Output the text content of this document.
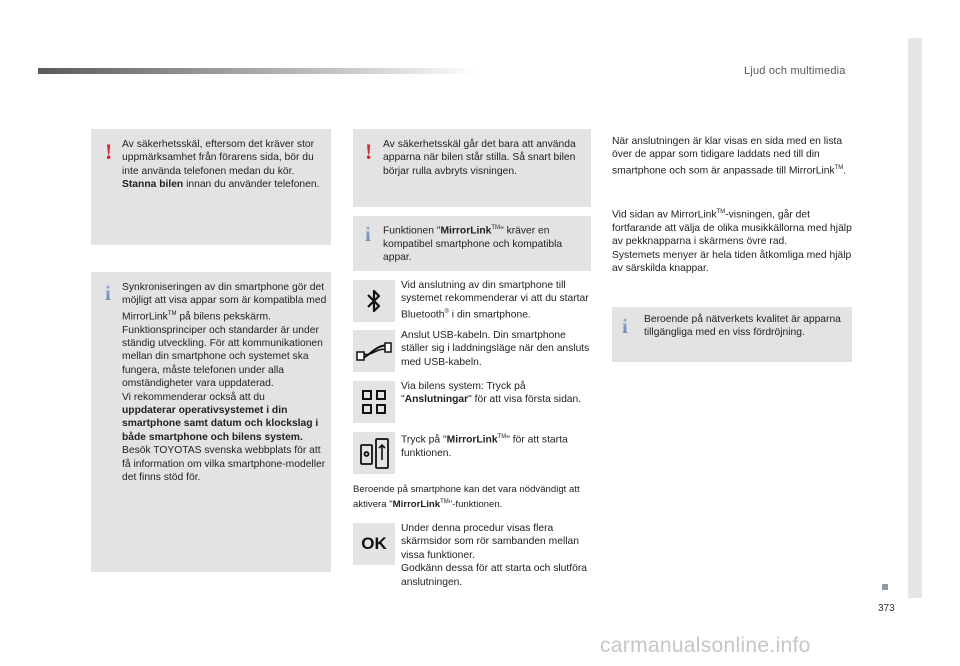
Ljud och multimedia
373
! Av säkerhetsskäl, eftersom det kräver stor uppmärksamhet från förarens sida, bör du inte använda telefonen medan du kör.
Stanna bilen innan du använder telefonen.
i Synkroniseringen av din smartphone gör det möjligt att visa appar som är kompatibla med MirrorLink™ på bilens pekskärm.
Funktionsprinciper och standarder är under ständig utveckling. För att kommunikationen mellan din smartphone och systemet ska fungera, måste telefonen under alla omständigheter vara uppdaterad.
Vi rekommenderar också att du
uppdaterar operativsystemet i din smartphone samt datum och klockslag i både smartphone och bilens system.
Besök TOYOTAS svenska webbplats för att få information om vilka smartphone-modeller det finns stöd för.
! Av säkerhetsskäl går det bara att använda apparna när bilen står stilla. Så snart bilen börjar rulla avbryts visningen.
i Funktionen "MirrorLink™" kräver en kompatibel smartphone och kompatibla appar.
Vid anslutning av din smartphone till systemet rekommenderar vi att du startar Bluetooth® i din smartphone.
Anslut USB-kabeln. Din smartphone ställer sig i laddningsläge när den ansluts med USB-kabeln.
Via bilens system: Tryck på "Anslutningar" för att visa första sidan.
Tryck på "MirrorLink™" för att starta funktionen.
Beroende på smartphone kan det vara nödvändigt att aktivera "MirrorLink™"-funktionen.
OK
Under denna procedur visas flera skärmsidor som rör sambanden mellan vissa funktioner.
Godkänn dessa för att starta och slutföra anslutningen.
När anslutningen är klar visas en sida med en lista över de appar som tidigare laddats ned till din smartphone och som är anpassade till MirrorLink™.
Vid sidan av MirrorLink™-visningen, går det fortfarande att välja de olika musikkällorna med hjälp av pekknapparna i skärmens övre rad.
Systemets menyer är hela tiden åtkomliga med hjälp av särskilda knappar.
i Beroende på nätverkets kvalitet är apparna tillgängliga med en viss fördröjning.
carmanualsonline.info
